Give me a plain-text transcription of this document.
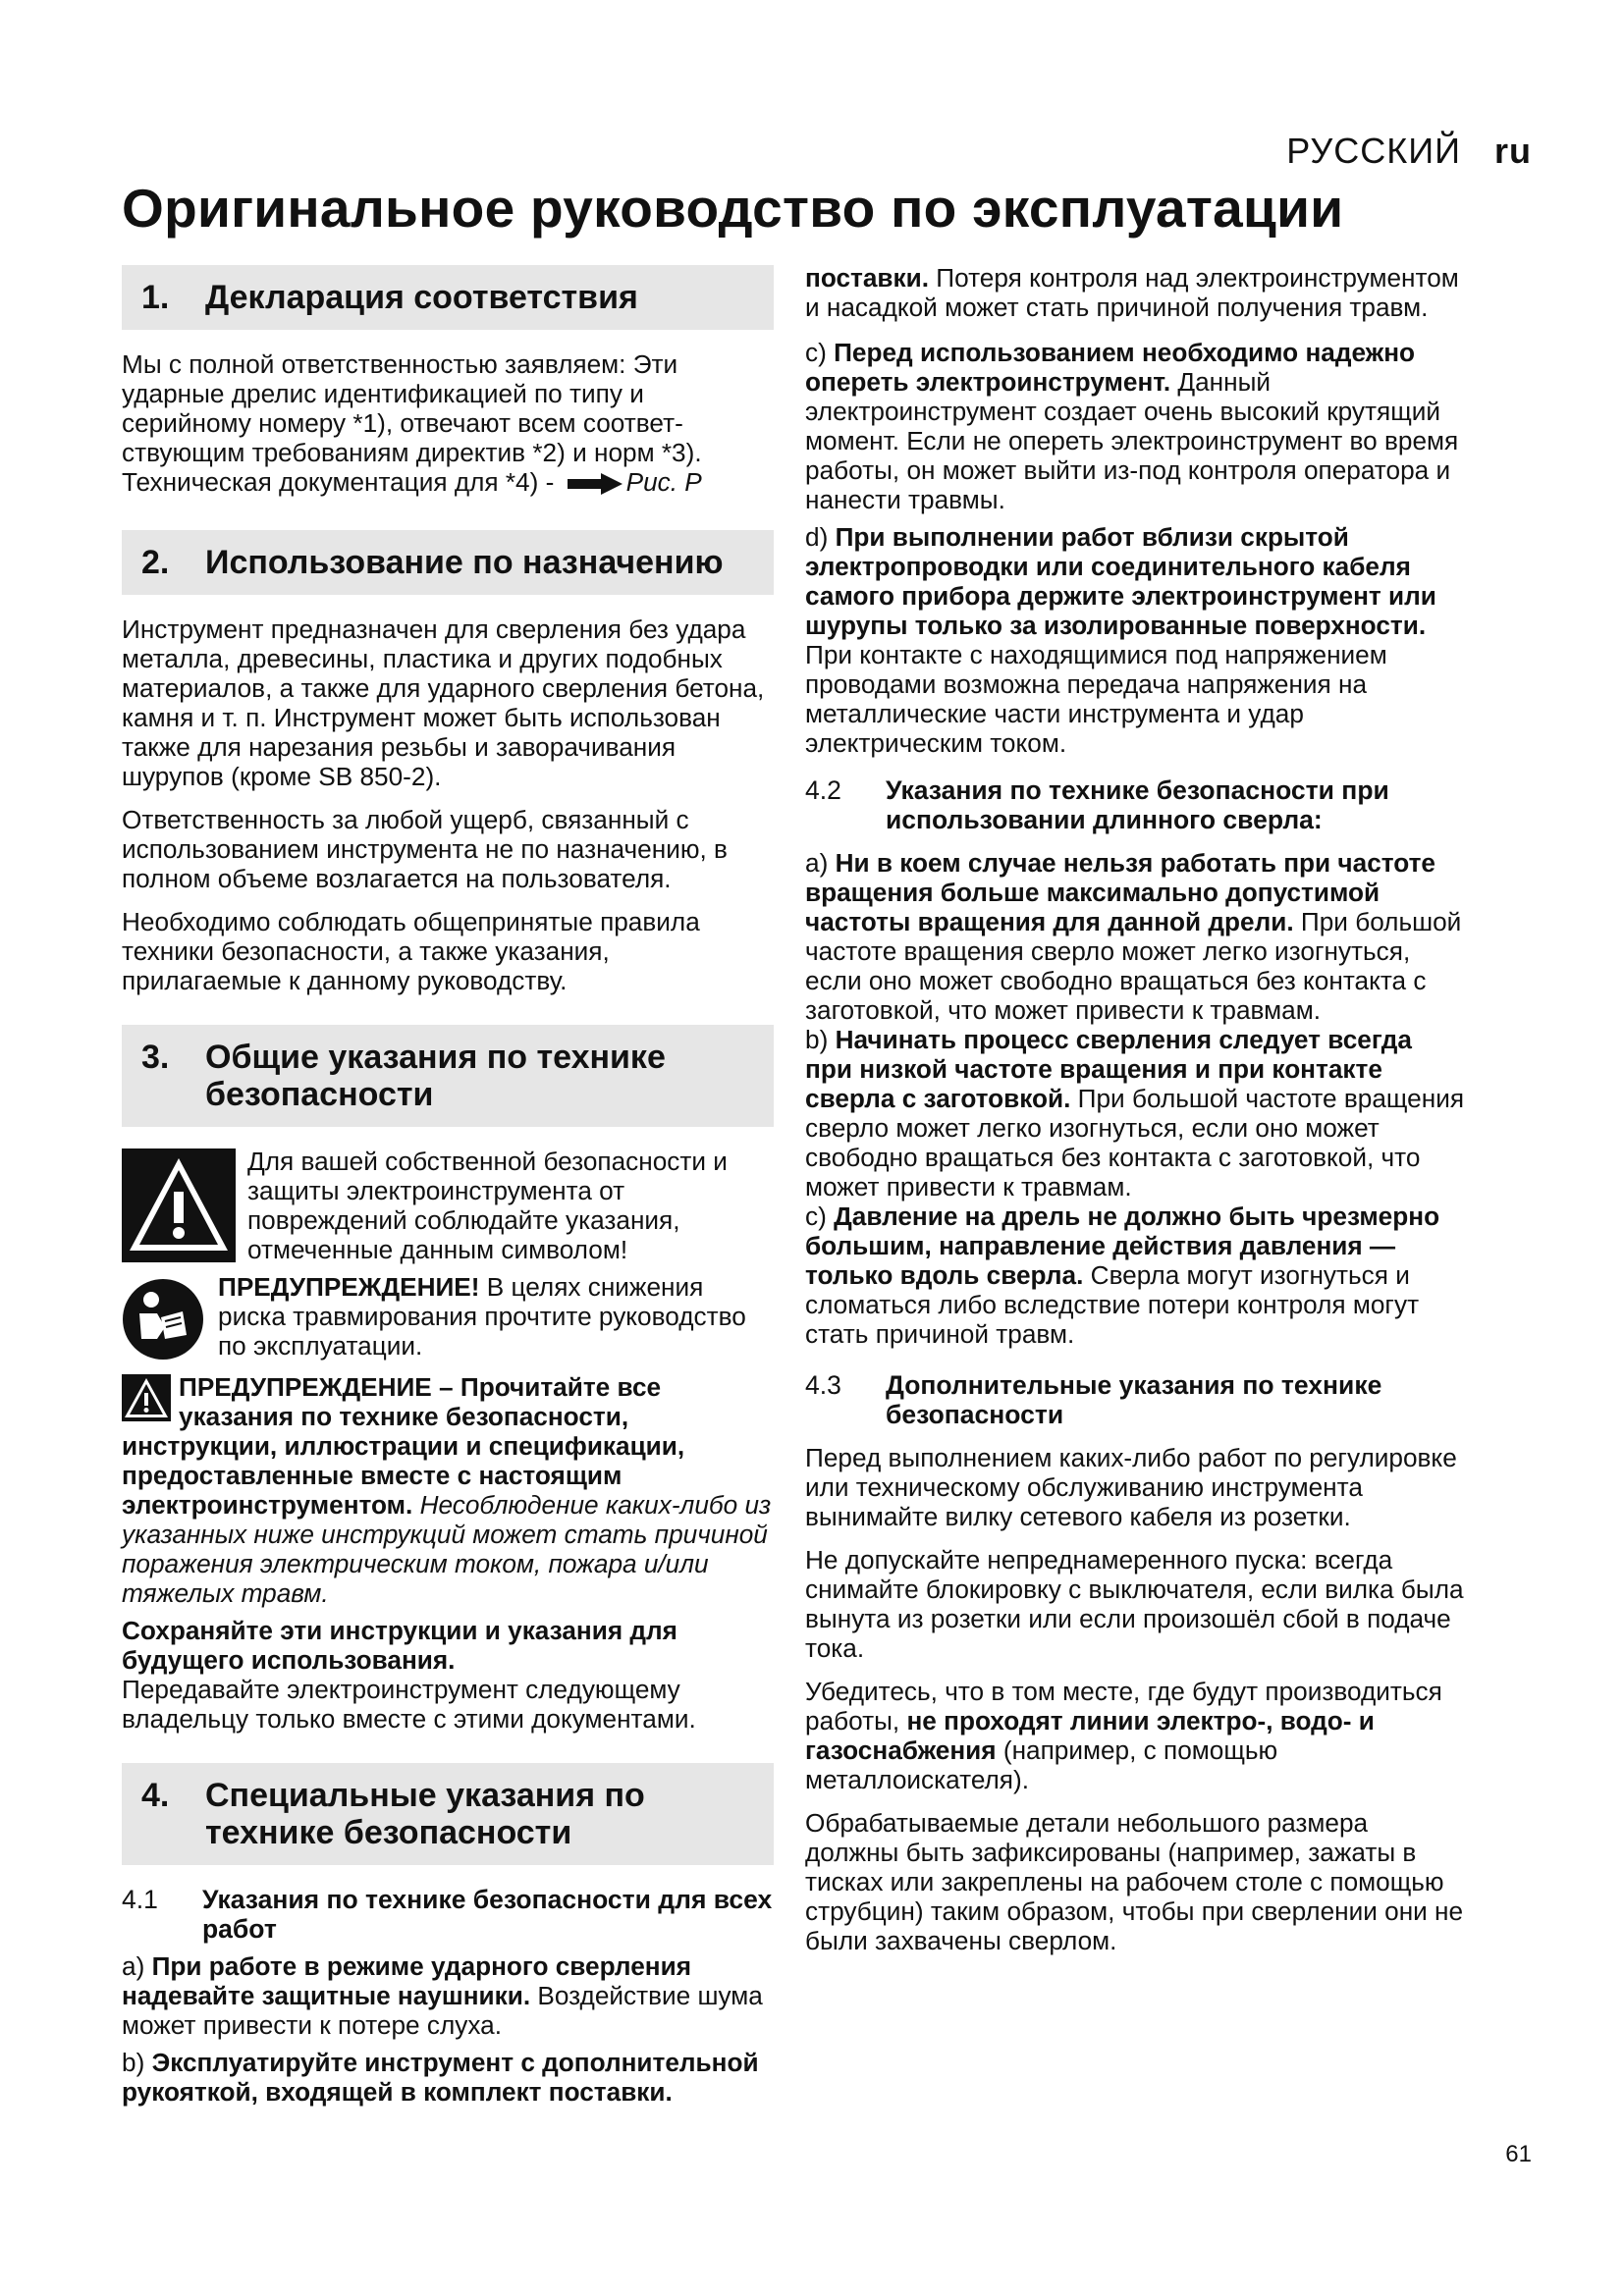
РУССКИЙ ru
Оригинальное руководство по эксплуатации
1.	Декларация соответствия

Мы с полной ответственностью заявляем: Эти ударные дрелис идентификацией по типу и серийному номеру *1), отвечают всем соответствующим требованиям директив *2) и норм *3). Техническая документация для *4) -	Рис. P

2.	Использование по назначению

Инструмент предназначен для сверления без удара металла, древесины, пластика и других подобных материалов, а также для ударного сверления бетона, камня и т. п. Инструмент может быть использован также для нарезания резьбы и заворачивания шурупов (кроме SB 850-2).

Ответственность за любой ущерб, связанный с использованием инструмента не по назначению, в полном объеме возлагается на пользователя.

Необходимо соблюдать общепринятые правила техники безопасности, а также указания, прилагаемые к данному руководству.

3.	Общие указания по технике безопасности

Для вашей собственной безопасности и защиты электроинструмента от повреждений соблюдайте указания, отмеченные данным символом!

ПРЕДУПРЕЖДЕНИЕ! В целях снижения риска травмирования прочтите руководство по эксплуатации.

ПРЕДУПРЕЖДЕНИЕ – Прочитайте все указания по технике безопасности, инструкции, иллюстрации и спецификации, предоставленные вместе с настоящим электроинструментом. Несоблюдение каких-либо из указанных ниже инструкций может стать причиной поражения электрическим током, пожара и/или тяжелых травм.

Сохраняйте эти инструкции и указания для будущего использования.

Передавайте электроинструмент следующему владельцу только вместе с этими документами.

4.	Специальные указания по технике безопасности
4.1	Указания по технике безопасности для всех работ

a) При работе в режиме ударного сверления надевайте защитные наушники. Воздействие шума может привести к потере слуха.

b) Эксплуатируйте инструмент с дополнительной рукояткой, входящей в комплект поставки.

поставки. Потеря контроля над электроинструментом и насадкой может стать причиной получения травм.

c) Перед использованием необходимо надежно опереть электроинструмент. Данный электроинструмент создает очень высокий крутящий момент. Если не опереть электроинструмент во время работы, он может выйти из-под контроля оператора и нанести травмы.

d) При выполнении работ вблизи скрытой электропроводки или соединительного кабеля самого прибора держите электроинструмент или шурупы только за изолированные поверхности. При контакте с находящимися под напряжением проводами возможна передача напряжения на металлические части инструмента и удар электрическим током.

4.2	Указания по технике безопасности при использовании длинного сверла:

a) Ни в коем случае нельзя работать при частоте вращения больше максимально допустимой частоты вращения для данной дрели. При большой частоте вращения сверло может легко изогнуться, если оно может свободно вращаться без контакта с заготовкой, что может привести к травмам.

b) Начинать процесс сверления следует всегда при низкой частоте вращения и при контакте сверла с заготовкой. При большой частоте вращения сверло может легко изогнуться, если оно может свободно вращаться без контакта с заготовкой, что может привести к травмам.

c) Давление на дрель не должно быть чрезмерно большим, направление действия давления — только вдоль сверла. Сверла могут изогнуться и сломаться либо вследствие потери контроля могут стать причиной травм.

4.3	Дополнительные указания по технике безопасности

Перед выполнением каких-либо работ по регулировке или техническому обслуживанию инструмента вынимайте вилку сетевого кабеля из розетки.

Не допускайте непреднамеренного пуска: всегда снимайте блокировку с выключателя, если вилка была вынута из розетки или если произошёл сбой в подаче тока.

Убедитесь, что в том месте, где будут производиться работы, не проходят линии электро-, водо- и газоснабжения (например, с помощью металлоискателя).

Обрабатываемые детали небольшого размера должны быть зафиксированы (например, зажаты в тисках или закреплены на рабочем столе с помощью струбцин) таким образом, чтобы при сверлении они не были захвачены сверлом.

61
